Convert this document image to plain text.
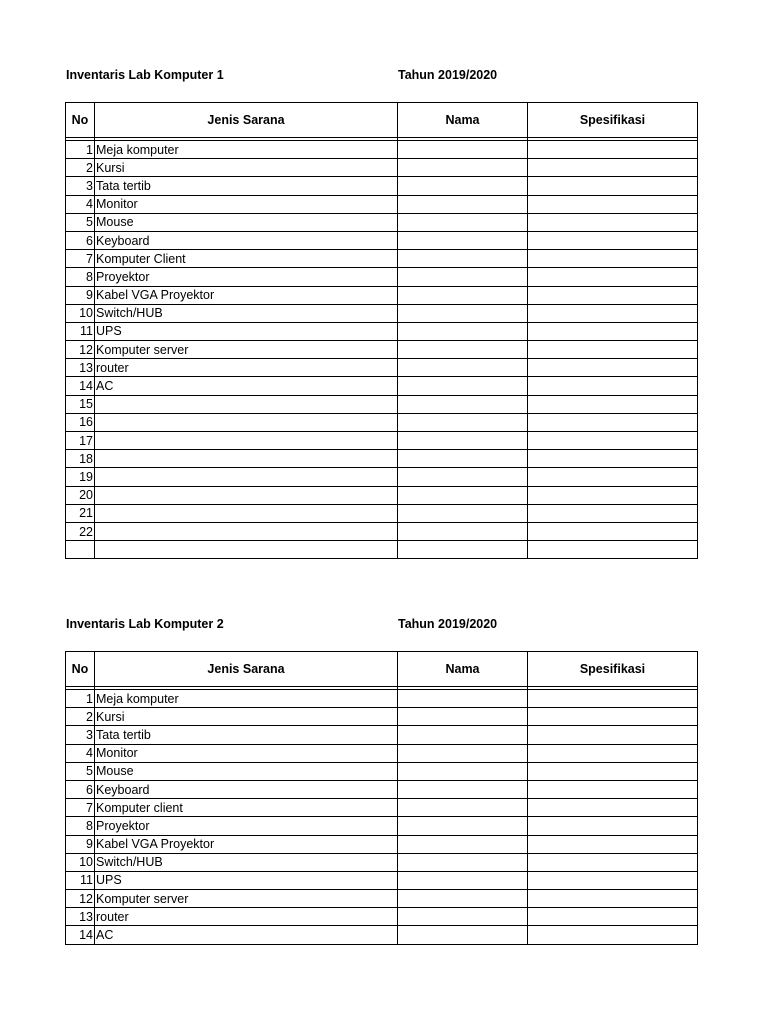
Inventaris Lab Komputer 1	Tahun 2019/2020
No	Jenis Sarana	Nama	Spesifikasi

1	Meja komputer		
2	Kursi		
3	Tata tertib		
4	Monitor		
5	Mouse		
6	Keyboard		
7	Komputer Client		
8	Proyektor		
9	Kabel VGA Proyektor		
10	Switch/HUB		
11	UPS		
12	Komputer server		
13	router		
14	AC		
15			
16			
17			
18			
19			
20			
21			
22			

Inventaris Lab Komputer 2	Tahun 2019/2020
No	Jenis Sarana	Nama	Spesifikasi

1	Meja komputer		
2	Kursi		
3	Tata tertib		
4	Monitor		
5	Mouse		
6	Keyboard		
7	Komputer client		
8	Proyektor		
9	Kabel VGA Proyektor		
10	Switch/HUB		
11	UPS		
12	Komputer server		
13	router		
14	AC		
